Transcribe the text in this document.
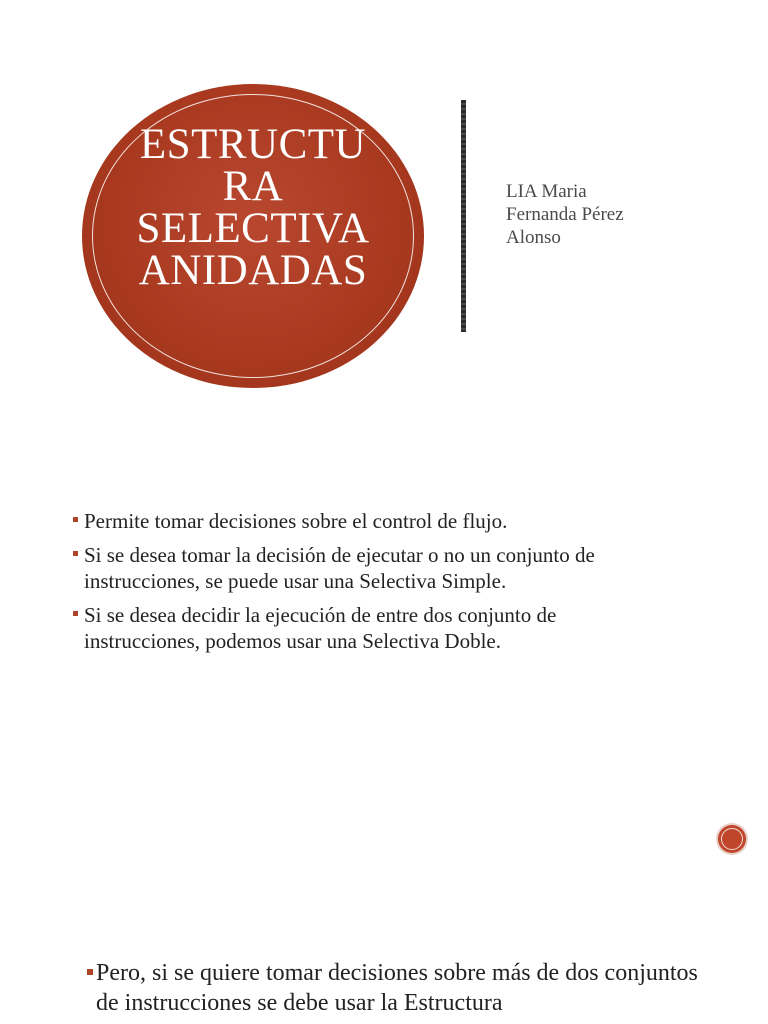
ESTRUCTU
RA
SELECTIVA
ANIDADAS
LIA Maria
Fernanda Pérez
Alonso
Permite tomar decisiones sobre el control de flujo.
Si se desea tomar la decisión de ejecutar o no un conjunto de instrucciones, se puede usar una Selectiva Simple.
Si se desea decidir la ejecución de entre dos conjunto de instrucciones, podemos usar una Selectiva Doble.
Pero, si se quiere tomar decisiones sobre más de dos conjuntos de instrucciones se debe usar la Estructura
